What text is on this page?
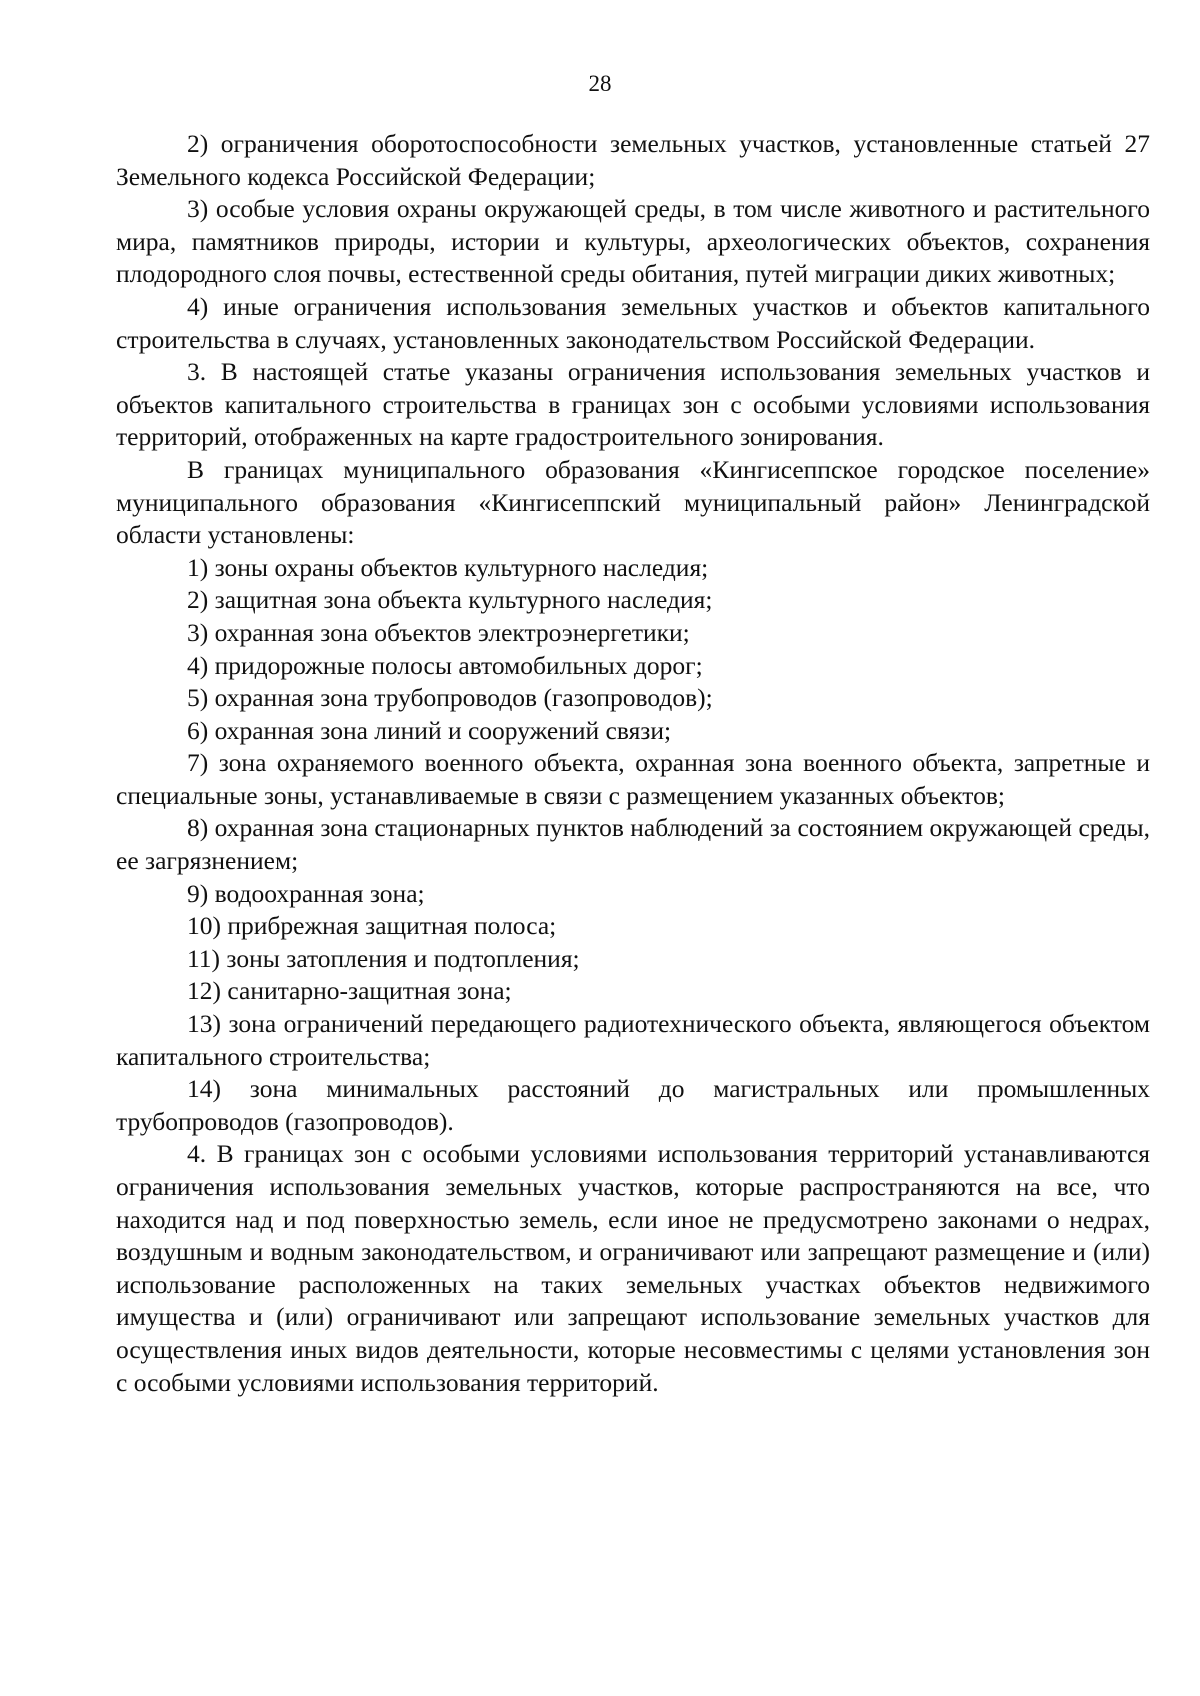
28

2) ограничения оборотоспособности земельных участков, установленные статьей 27 Земельного кодекса Российской Федерации;

3) особые условия охраны окружающей среды, в том числе животного и растительного мира, памятников природы, истории и культуры, археологических объектов, сохранения плодородного слоя почвы, естественной среды обитания, путей миграции диких животных;

4) иные ограничения использования земельных участков и объектов капитального строительства в случаях, установленных законодательством Российской Федерации.

3. В настоящей статье указаны ограничения использования земельных участков и объектов капитального строительства в границах зон с особыми условиями использования территорий, отображенных на карте градостроительного зонирования.

В границах муниципального образования «Кингисеппское городское поселение» муниципального образования «Кингисеппский муниципальный район» Ленинградской области установлены:

1) зоны охраны объектов культурного наследия;

2) защитная зона объекта культурного наследия;

3) охранная зона объектов электроэнергетики;

4) придорожные полосы автомобильных дорог;

5) охранная зона трубопроводов (газопроводов);

6) охранная зона линий и сооружений связи;

7) зона охраняемого военного объекта, охранная зона военного объекта, запретные и специальные зоны, устанавливаемые в связи с размещением указанных объектов;

8) охранная зона стационарных пунктов наблюдений за состоянием окружающей среды, ее загрязнением;

9) водоохранная зона;

10) прибрежная защитная полоса;

11) зоны затопления и подтопления;

12) санитарно-защитная зона;

13) зона ограничений передающего радиотехнического объекта, являющегося объектом капитального строительства;

14) зона минимальных расстояний до магистральных или промышленных трубопроводов (газопроводов).

4. В границах зон с особыми условиями использования территорий устанавливаются ограничения использования земельных участков, которые распространяются на все, что находится над и под поверхностью земель, если иное не предусмотрено законами о недрах, воздушным и водным законодательством, и ограничивают или запрещают размещение и (или) использование расположенных на таких земельных участках объектов недвижимого имущества и (или) ограничивают или запрещают использование земельных участков для осуществления иных видов деятельности, которые несовместимы с целями установления зон с особыми условиями использования территорий.
